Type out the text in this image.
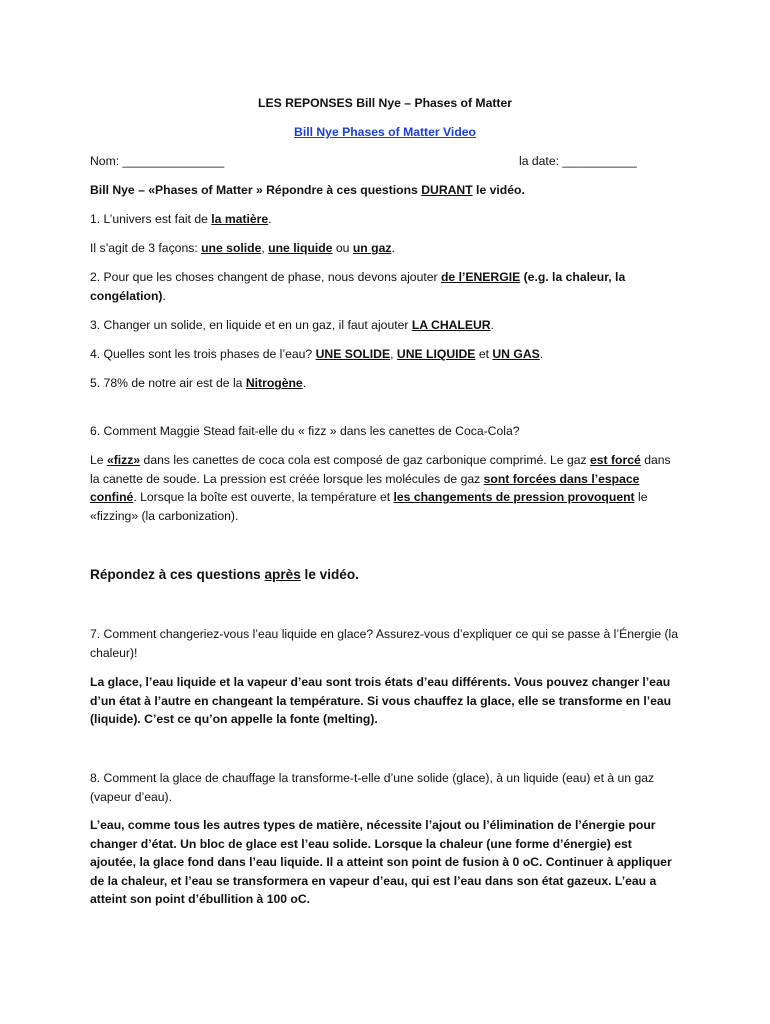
LES REPONSES Bill Nye – Phases of Matter

Bill Nye Phases of Matter Video

Nom: _______________	la date: ___________

Bill Nye – «Phases of Matter » Répondre à ces questions DURANT le vidéo.

1. L’univers est fait de la matière.

Il s’agit de 3 façons: une solide, une liquide ou un gaz.

2. Pour que les choses changent de phase, nous devons ajouter de l’ENERGIE (e.g. la chaleur, la congélation).

3. Changer un solide, en liquide et en un gaz, il faut ajouter LA CHALEUR.

4. Quelles sont les trois phases de l’eau? UNE SOLIDE, UNE LIQUIDE et UN GAS.

5. 78% de notre air est de la Nitrogène.

6. Comment Maggie Stead fait-elle du « fizz » dans les canettes de Coca-Cola?

Le «fizz» dans les canettes de coca cola est composé de gaz carbonique comprimé. Le gaz est forcé dans la canette de soude. La pression est créée lorsque les molécules de gaz sont forcées dans l’espace confiné. Lorsque la boîte est ouverte, la température et les changements de pression provoquent le «fizzing» (la carbonization).

Répondez à ces questions après le vidéo.

7. Comment changeriez-vous l’eau liquide en glace? Assurez-vous d’expliquer ce qui se passe à l’Énergie (la chaleur)!

La glace, l’eau liquide et la vapeur d’eau sont trois états d’eau différents. Vous pouvez changer l’eau d’un état à l’autre en changeant la température. Si vous chauffez la glace, elle se transforme en l’eau (liquide). C’est ce qu’on appelle la fonte (melting).

8. Comment la glace de chauffage la transforme-t-elle d’une solide (glace), à un liquide (eau) et à un gaz (vapeur d’eau).

L’eau, comme tous les autres types de matière, nécessite l’ajout ou l’élimination de l’énergie pour changer d’état. Un bloc de glace est l’eau solide. Lorsque la chaleur (une forme d’énergie) est ajoutée, la glace fond dans l’eau liquide. Il a atteint son point de fusion à 0 oC. Continuer à appliquer de la chaleur, et l’eau se transformera en vapeur d’eau, qui est l’eau dans son état gazeux. L’eau a atteint son point d’ébullition à 100 oC.
